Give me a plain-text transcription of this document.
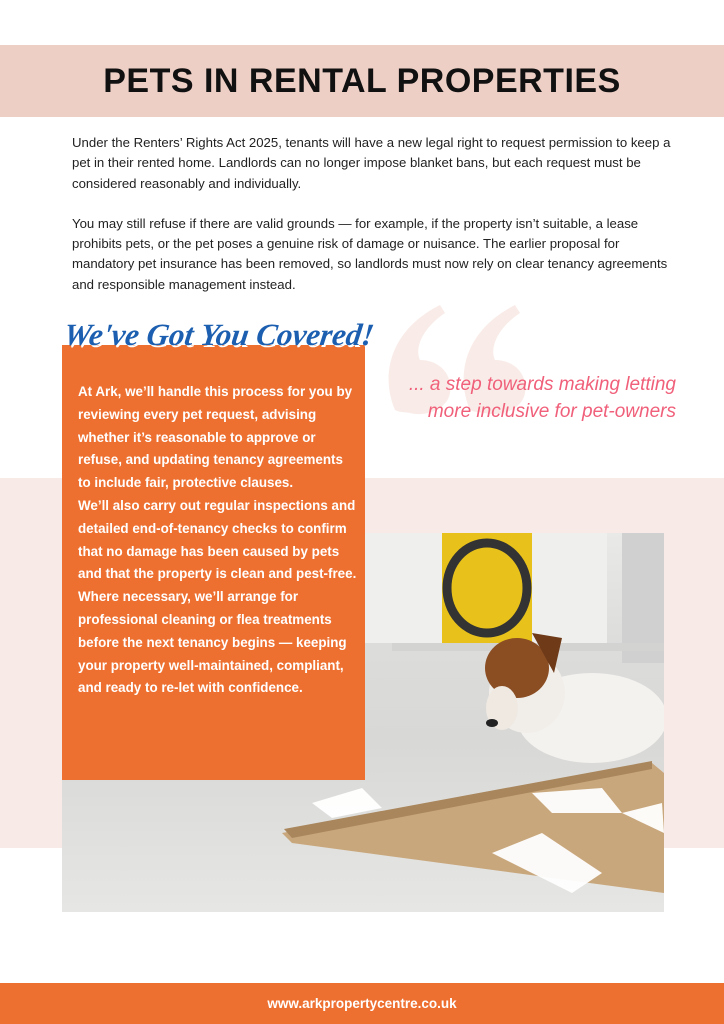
PETS IN RENTAL PROPERTIES

Under the Renters’ Rights Act 2025, tenants will have a new legal right to request permission to keep a pet in their rented home. Landlords can no longer impose blanket bans, but each request must be considered reasonably and individually.

You may still refuse if there are valid grounds — for example, if the property isn’t suitable, a lease prohibits pets, or the pet poses a genuine risk of damage or nuisance. The earlier proposal for mandatory pet insurance has been removed, so landlords must now rely on clear tenancy agreements and responsible management instead.

... a step towards making letting more inclusive for pet-owners

At Ark, we’ll handle this process for you by reviewing every pet request, advising whether it’s reasonable to approve or refuse, and updating tenancy agreements to include fair, protective clauses.
We’ll also carry out regular inspections and detailed end-of-tenancy checks to confirm that no damage has been caused by pets and that the property is clean and pest-free. Where necessary, we’ll arrange for professional cleaning or flea treatments before the next tenancy begins — keeping your property well-maintained, compliant, and ready to re-let with confidence.

We've Got You Covered!
www.arkpropertycentre.co.uk
